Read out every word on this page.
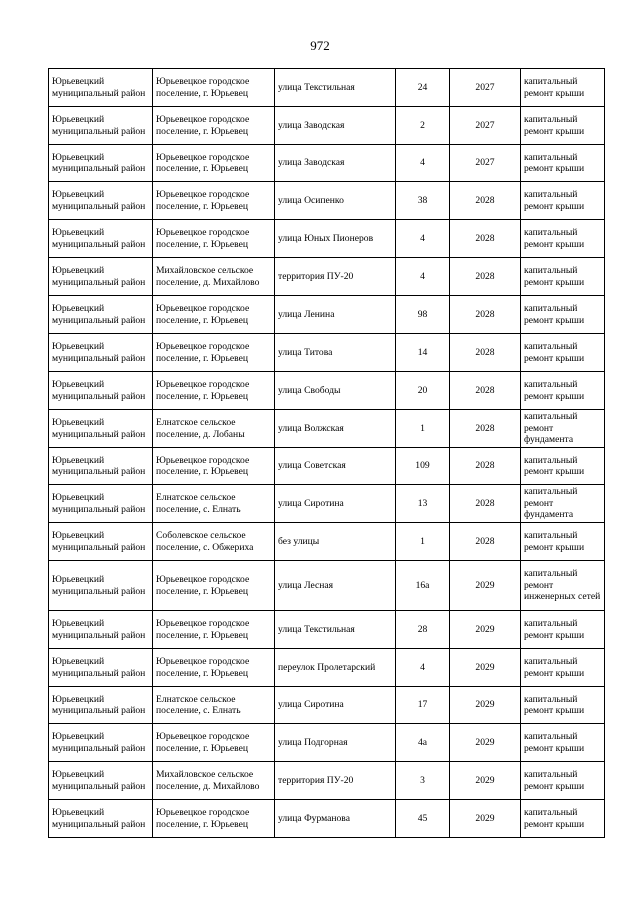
972
Юрьевецкий муниципальный район	Юрьевецкое городское поселение, г. Юрьевец	улица Текстильная	24	2027	капитальный ремонт крыши
Юрьевецкий муниципальный район	Юрьевецкое городское поселение, г. Юрьевец	улица Заводская	2	2027	капитальный ремонт крыши
Юрьевецкий муниципальный район	Юрьевецкое городское поселение, г. Юрьевец	улица Заводская	4	2027	капитальный ремонт крыши
Юрьевецкий муниципальный район	Юрьевецкое городское поселение, г. Юрьевец	улица Осипенко	38	2028	капитальный ремонт крыши
Юрьевецкий муниципальный район	Юрьевецкое городское поселение, г. Юрьевец	улица Юных Пионеров	4	2028	капитальный ремонт крыши
Юрьевецкий муниципальный район	Михайловское сельское поселение, д. Михайлово	территория ПУ-20	4	2028	капитальный ремонт крыши
Юрьевецкий муниципальный район	Юрьевецкое городское поселение, г. Юрьевец	улица Ленина	98	2028	капитальный ремонт крыши
Юрьевецкий муниципальный район	Юрьевецкое городское поселение, г. Юрьевец	улица Титова	14	2028	капитальный ремонт крыши
Юрьевецкий муниципальный район	Юрьевецкое городское поселение, г. Юрьевец	улица Свободы	20	2028	капитальный ремонт крыши
Юрьевецкий муниципальный район	Елнатское сельское поселение, д. Лобаны	улица Волжская	1	2028	капитальный ремонт фундамента
Юрьевецкий муниципальный район	Юрьевецкое городское поселение, г. Юрьевец	улица Советская	109	2028	капитальный ремонт крыши
Юрьевецкий муниципальный район	Елнатское сельское поселение, с. Елнать	улица Сиротина	13	2028	капитальный ремонт фундамента
Юрьевецкий муниципальный район	Соболевское сельское поселение, с. Обжериха	без улицы	1	2028	капитальный ремонт крыши
Юрьевецкий муниципальный район	Юрьевецкое городское поселение, г. Юрьевец	улица Лесная	16а	2029	капитальный ремонт инженерных сетей
Юрьевецкий муниципальный район	Юрьевецкое городское поселение, г. Юрьевец	улица Текстильная	28	2029	капитальный ремонт крыши
Юрьевецкий муниципальный район	Юрьевецкое городское поселение, г. Юрьевец	переулок Пролетарский	4	2029	капитальный ремонт крыши
Юрьевецкий муниципальный район	Елнатское сельское поселение, с. Елнать	улица Сиротина	17	2029	капитальный ремонт крыши
Юрьевецкий муниципальный район	Юрьевецкое городское поселение, г. Юрьевец	улица Подгорная	4а	2029	капитальный ремонт крыши
Юрьевецкий муниципальный район	Михайловское сельское поселение, д. Михайлово	территория ПУ-20	3	2029	капитальный ремонт крыши
Юрьевецкий муниципальный район	Юрьевецкое городское поселение, г. Юрьевец	улица Фурманова	45	2029	капитальный ремонт крыши
